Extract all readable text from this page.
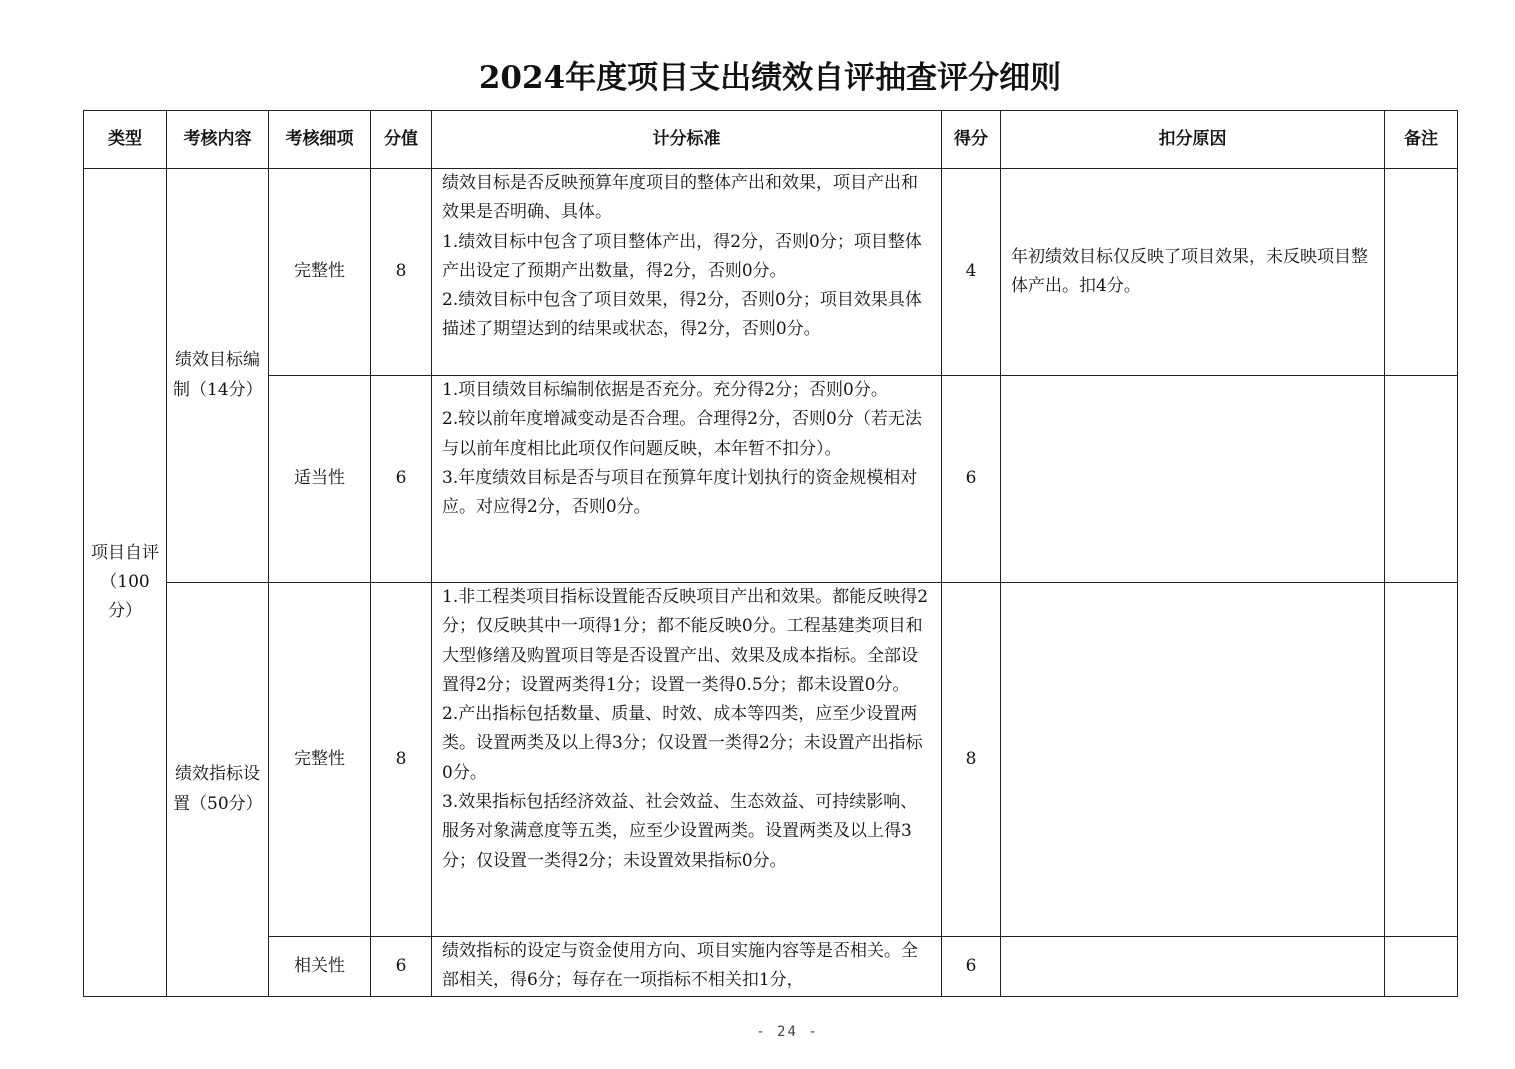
2024年度项目支出绩效自评抽查评分细则
类型	考核内容	考核细项	分值	计分标准	得分	扣分原因	备注
项目自评（100分）	绩效目标编制（14分）	完整性	8	绩效目标是否反映预算年度项目的整体产出和效果，项目产出和效果是否明确、具体。

1.绩效目标中包含了项目整体产出，得2分，否则0分；项目整体产出设定了预期产出数量，得2分，否则0分。

2.绩效目标中包含了项目效果，得2分，否则0分；项目效果具体描述了期望达到的结果或状态，得2分，否则0分。	4	年初绩效目标仅反映了项目效果，未反映项目整体产出。扣4分。	
		适当性	6	1.项目绩效目标编制依据是否充分。充分得2分；否则0分。

2.较以前年度增减变动是否合理。合理得2分，否则0分（若无法与以前年度相比此项仅作问题反映，本年暂不扣分）。

3.年度绩效目标是否与项目在预算年度计划执行的资金规模相对应。对应得2分，否则0分。	6		
	绩效指标设置（50分）	完整性	8	1.非工程类项目指标设置能否反映项目产出和效果。都能反映得2分；仅反映其中一项得1分；都不能反映0分。工程基建类项目和大型修缮及购置项目等是否设置产出、效果及成本指标。全部设置得2分；设置两类得1分；设置一类得0.5分；都未设置0分。

2.产出指标包括数量、质量、时效、成本等四类，应至少设置两类。设置两类及以上得3分；仅设置一类得2分；未设置产出指标0分。

3.效果指标包括经济效益、社会效益、生态效益、可持续影响、服务对象满意度等五类，应至少设置两类。设置两类及以上得3分；仅设置一类得2分；未设置效果指标0分。	8		
		相关性	6	绩效指标的设定与资金使用方向、项目实施内容等是否相关。全部相关，得6分；每存在一项指标不相关扣1分，	6		
- 24 -
